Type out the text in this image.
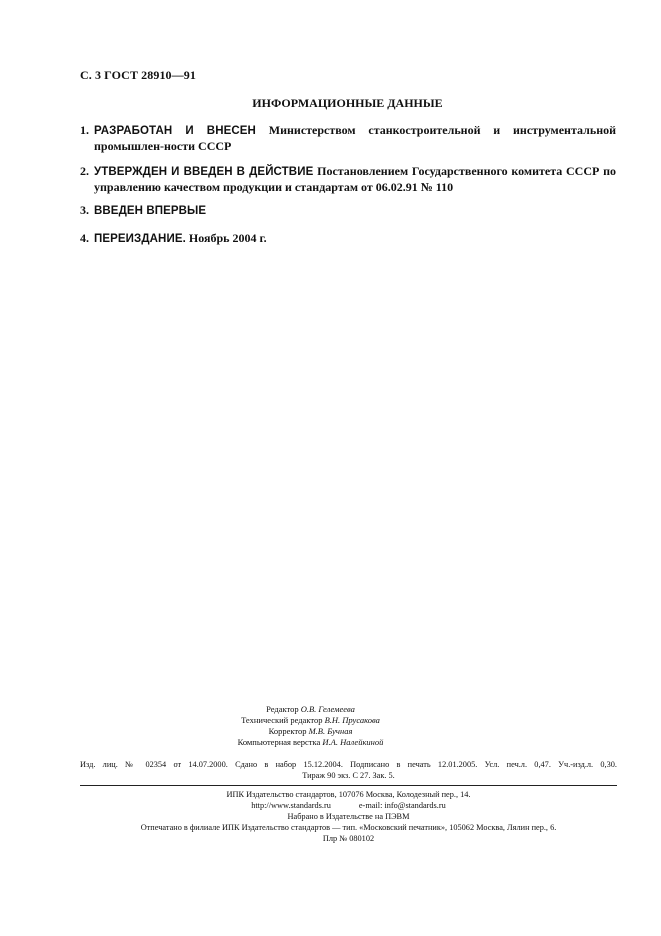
С. 3 ГОСТ 28910—91
ИНФОРМАЦИОННЫЕ ДАННЫЕ
1. РАЗРАБОТАН И ВНЕСЕН Министерством станкостроительной и инструментальной промышлен-ности СССР
2. УТВЕРЖДЕН И ВВЕДЕН В ДЕЙСТВИЕ Постановлением Государственного комитета СССР по управлению качеством продукции и стандартам от 06.02.91 № 110
3. ВВЕДЕН ВПЕРВЫЕ
4. ПЕРЕИЗДАНИЕ. Ноябрь 2004 г.
Редактор О.В. Гелемеева
Технический редактор В.Н. Прусакова
Корректор М.В. Бучная
Компьютерная верстка И.А. Налейкиной
Изд. лиц. № 02354 от 14.07.2000. Сдано в набор 15.12.2004. Подписано в печать 12.01.2005. Усл. печ.л. 0,47. Уч.-изд.л. 0,30.
Тираж 90 экз. С 27. Зак. 5.
ИПК Издательство стандартов, 107076 Москва, Колодезный пер., 14.
http://www.standards.ru	e-mail: info@standards.ru
Набрано в Издательстве на ПЭВМ
Отпечатано в филиале ИПК Издательство стандартов — тип. «Московский печатник», 105062 Москва, Лялин пер., 6.
Плр № 080102
